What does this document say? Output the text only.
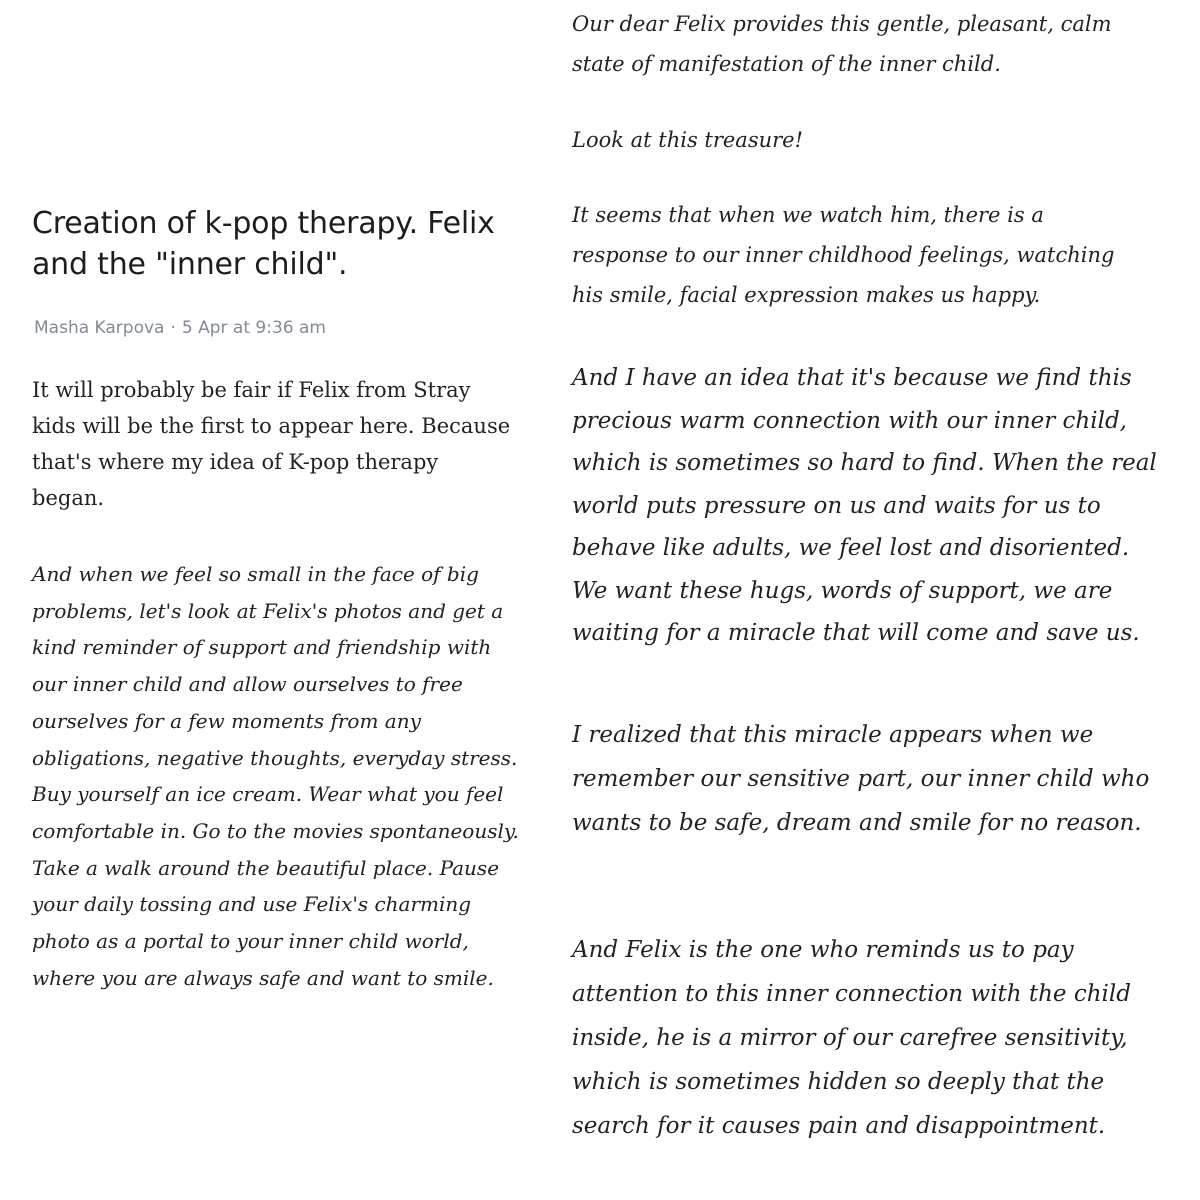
Creation of k-pop therapy. Felix and the "inner child".
Masha Karpova · 5 Apr at 9:36 am

It will probably be fair if Felix from Stray kids will be the first to appear here. Because that's where my idea of K-pop therapy began.

And when we feel so small in the face of big problems, let's look at Felix's photos and get a kind reminder of support and friendship with our inner child and allow ourselves to free ourselves for a few moments from any obligations, negative thoughts, everyday stress. Buy yourself an ice cream. Wear what you feel comfortable in. Go to the movies spontaneously. Take a walk around the beautiful place. Pause your daily tossing and use Felix's charming photo as a portal to your inner child world, where you are always safe and want to smile.

Our dear Felix provides this gentle, pleasant, calm state of manifestation of the inner child.

Look at this treasure!

It seems that when we watch him, there is a response to our inner childhood feelings, watching his smile, facial expression makes us happy.

And I have an idea that it's because we find this precious warm connection with our inner child, which is sometimes so hard to find. When the real world puts pressure on us and waits for us to behave like adults, we feel lost and disoriented. We want these hugs, words of support, we are waiting for a miracle that will come and save us.

I realized that this miracle appears when we remember our sensitive part, our inner child who wants to be safe, dream and smile for no reason.

And Felix is the one who reminds us to pay attention to this inner connection with the child inside, he is a mirror of our carefree sensitivity, which is sometimes hidden so deeply that the search for it causes pain and disappointment.
